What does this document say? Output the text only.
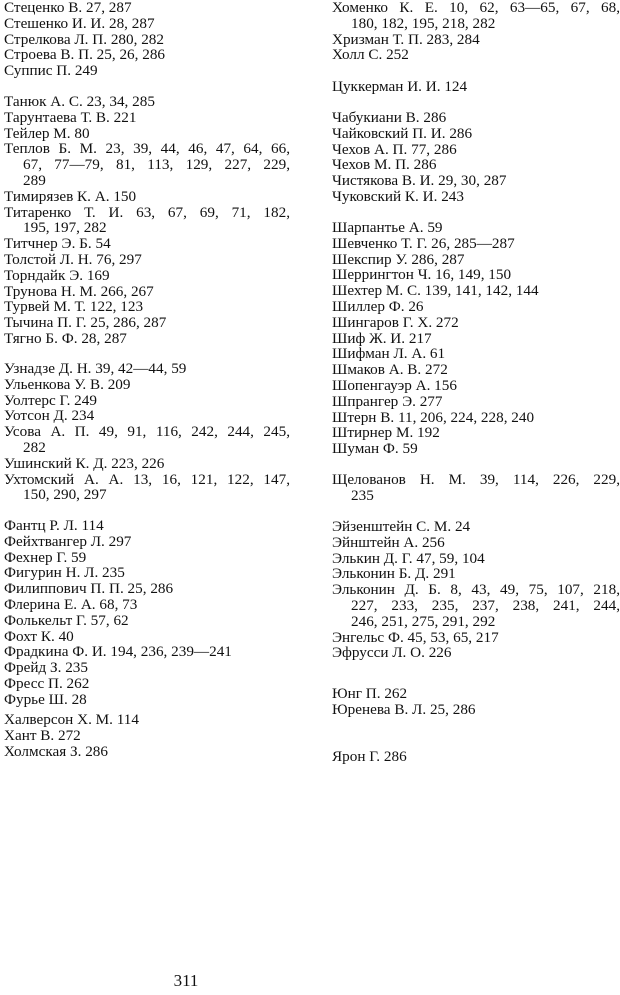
Стеценко В. 27, 287
Стешенко И. И. 28, 287
Стрелкова Л. П. 280, 282
Строева В. П. 25, 26, 286
Суппис П. 249
Танюк А. С. 23, 34, 285
Тарунтаева Т. В. 221
Тейлер М. 80
Теплов Б. М. 23, 39, 44, 46, 47, 64, 66,
67, 77—79, 81, 113, 129, 227, 229,
289
Тимирязев К. А. 150
Титаренко Т. И. 63, 67, 69, 71, 182,
195, 197, 282
Титчнер Э. Б. 54
Толстой Л. Н. 76, 297
Торндайк Э. 169
Трунова Н. М. 266, 267
Турвей М. Т. 122, 123
Тычина П. Г. 25, 286, 287
Тягно Б. Ф. 28, 287
Узнадзе Д. Н. 39, 42—44, 59
Ульенкова У. В. 209
Уолтерс Г. 249
Уотсон Д. 234
Усова А. П. 49, 91, 116, 242, 244, 245,
282
Ушинский К. Д. 223, 226
Ухтомский А. А. 13, 16, 121, 122, 147,
150, 290, 297
Фантц Р. Л. 114
Фейхтвангер Л. 297
Фехнер Г. 59
Фигурин Н. Л. 235
Филиппович П. П. 25, 286
Флерина Е. А. 68, 73
Фолькельт Г. 57, 62
Фохт К. 40
Фрадкина Ф. И. 194, 236, 239—241
Фрейд З. 235
Фресс П. 262
Фурье Ш. 28
Халверсон Х. М. 114
Хант В. 272
Холмская З. 286
Хоменко К. Е. 10, 62, 63—65, 67, 68,
180, 182, 195, 218, 282
Хризман Т. П. 283, 284
Холл С. 252
Цуккерман И. И. 124
Чабукиани В. 286
Чайковский П. И. 286
Чехов А. П. 77, 286
Чехов М. П. 286
Чистякова В. И. 29, 30, 287
Чуковский К. И. 243
Шарпантье А. 59
Шевченко Т. Г. 26, 285—287
Шекспир У. 286, 287
Шеррингтон Ч. 16, 149, 150
Шехтер М. С. 139, 141, 142, 144
Шиллер Ф. 26
Шингаров Г. Х. 272
Шиф Ж. И. 217
Шифман Л. А. 61
Шмаков А. В. 272
Шопенгауэр А. 156
Шпрангер Э. 277
Штерн В. 11, 206, 224, 228, 240
Штирнер М. 192
Шуман Ф. 59
Щелованов Н. М. 39, 114, 226, 229,
235
Эйзенштейн С. М. 24
Эйнштейн А. 256
Элькин Д. Г. 47, 59, 104
Эльконин Б. Д. 291
Эльконин Д. Б. 8, 43, 49, 75, 107, 218,
227, 233, 235, 237, 238, 241, 244,
246, 251, 275, 291, 292
Энгельс Ф. 45, 53, 65, 217
Эфрусси Л. О. 226
Юнг П. 262
Юренева В. Л. 25, 286
Ярон Г. 286
311
